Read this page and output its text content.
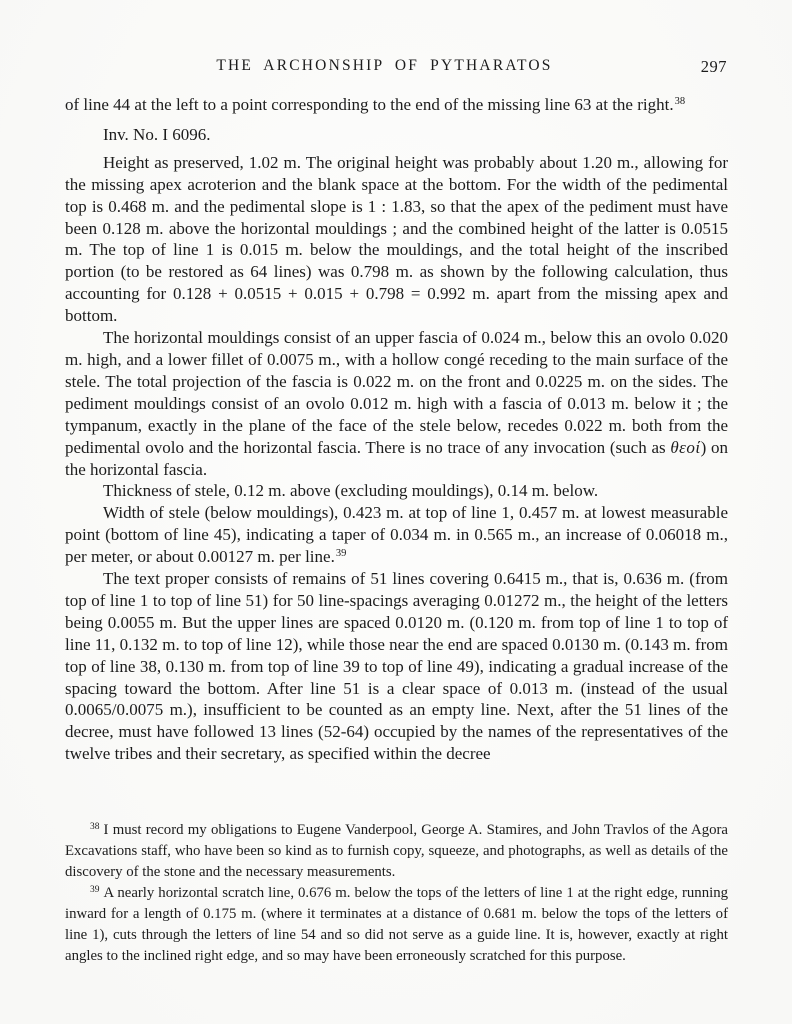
THE ARCHONSHIP OF PYTHARATOS	297

of line 44 at the left to a point corresponding to the end of the missing line 63 at the right.$^{38}$

Inv. No. I 6096.

Height as preserved, 1.02 m. The original height was probably about 1.20 m., allowing for the missing apex acroterion and the blank space at the bottom. For the width of the pedimental top is 0.468 m. and the pedimental slope is 1 : 1.83, so that the apex of the pediment must have been 0.128 m. above the horizontal mouldings ; and the combined height of the latter is 0.0515 m. The top of line 1 is 0.015 m. below the mouldings, and the total height of the inscribed portion (to be restored as 64 lines) was 0.798 m. as shown by the following calculation, thus accounting for 0.128 + 0.0515 + 0.015 + 0.798 = 0.992 m. apart from the missing apex and bottom.

The horizontal mouldings consist of an upper fascia of 0.024 m., below this an ovolo 0.020 m. high, and a lower fillet of 0.0075 m., with a hollow congé receding to the main surface of the stele. The total projection of the fascia is 0.022 m. on the front and 0.0225 m. on the sides. The pediment mouldings consist of an ovolo 0.012 m. high with a fascia of 0.013 m. below it ; the tympanum, exactly in the plane of the face of the stele below, recedes 0.022 m. both from the pedimental ovolo and the horizontal fascia. There is no trace of any invocation (such as θεοί) on the horizontal fascia.

Thickness of stele, 0.12 m. above (excluding mouldings), 0.14 m. below.

Width of stele (below mouldings), 0.423 m. at top of line 1, 0.457 m. at lowest measurable point (bottom of line 45), indicating a taper of 0.034 m. in 0.565 m., an increase of 0.06018 m., per meter, or about 0.00127 m. per line.$^{39}$

The text proper consists of remains of 51 lines covering 0.6415 m., that is, 0.636 m. (from top of line 1 to top of line 51) for 50 line-spacings averaging 0.01272 m., the height of the letters being 0.0055 m. But the upper lines are spaced 0.0120 m. (0.120 m. from top of line 1 to top of line 11, 0.132 m. to top of line 12), while those near the end are spaced 0.0130 m. (0.143 m. from top of line 38, 0.130 m. from top of line 39 to top of line 49), indicating a gradual increase of the spacing toward the bottom. After line 51 is a clear space of 0.013 m. (instead of the usual 0.0065/0.0075 m.), insufficient to be counted as an empty line. Next, after the 51 lines of the decree, must have followed 13 lines (52-64) occupied by the names of the representatives of the twelve tribes and their secretary, as specified within the decree

$^{38}$ I must record my obligations to Eugene Vanderpool, George A. Stamires, and John Travlos of the Agora Excavations staff, who have been so kind as to furnish copy, squeeze, and photographs, as well as details of the discovery of the stone and the necessary measurements.

$^{39}$ A nearly horizontal scratch line, 0.676 m. below the tops of the letters of line 1 at the right edge, running inward for a length of 0.175 m. (where it terminates at a distance of 0.681 m. below the tops of the letters of line 1), cuts through the letters of line 54 and so did not serve as a guide line. It is, however, exactly at right angles to the inclined right edge, and so may have been erroneously scratched for this purpose.
